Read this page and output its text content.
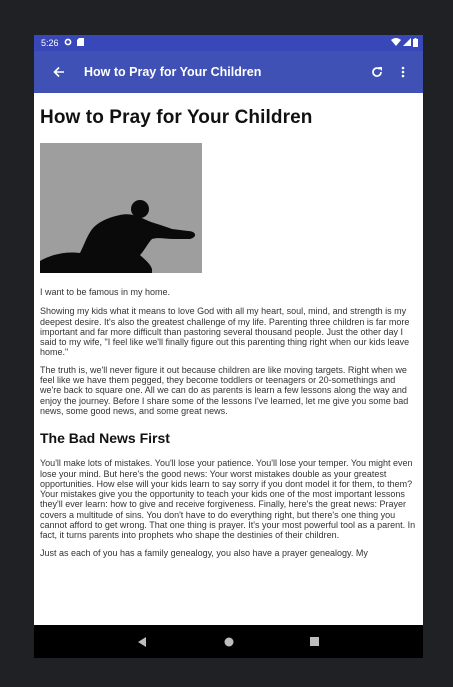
5:26
How to Pray for Your Children
How to Pray for Your Children

I want to be famous in my home.

Showing my kids what it means to love God with all my heart, soul, mind, and strength is my deepest desire. It's also the greatest challenge of my life. Parenting three children is far more important and far more difficult than pastoring several thousand people. Just the other day I said to my wife, "I feel like we'll finally figure out this parenting thing right when our kids leave home."

The truth is, we'll never figure it out because children are like moving targets. Right when we feel like we have them pegged, they become toddlers or teenagers or 20-somethings and we're back to square one. All we can do as parents is learn a few lessons along the way and enjoy the journey. Before I share some of the lessons I've learned, let me give you some bad news, some good news, and some great news.

The Bad News First

You'll make lots of mistakes. You'll lose your patience. You'll lose your temper. You might even lose your mind. But here's the good news: Your worst mistakes double as your greatest opportunities. How else will your kids learn to say sorry if you dont model it for them, to them? Your mistakes give you the opportunity to teach your kids one of the most important lessons they'll ever learn: how to give and receive forgiveness. Finally, here's the great news: Prayer covers a multitude of sins. You don't have to do everything right, but there's one thing you cannot afford to get wrong. That one thing is prayer. It's your most powerful tool as a parent. In fact, it turns parents into prophets who shape the destinies of their children.

Just as each of you has a family genealogy, you also have a prayer genealogy. My
